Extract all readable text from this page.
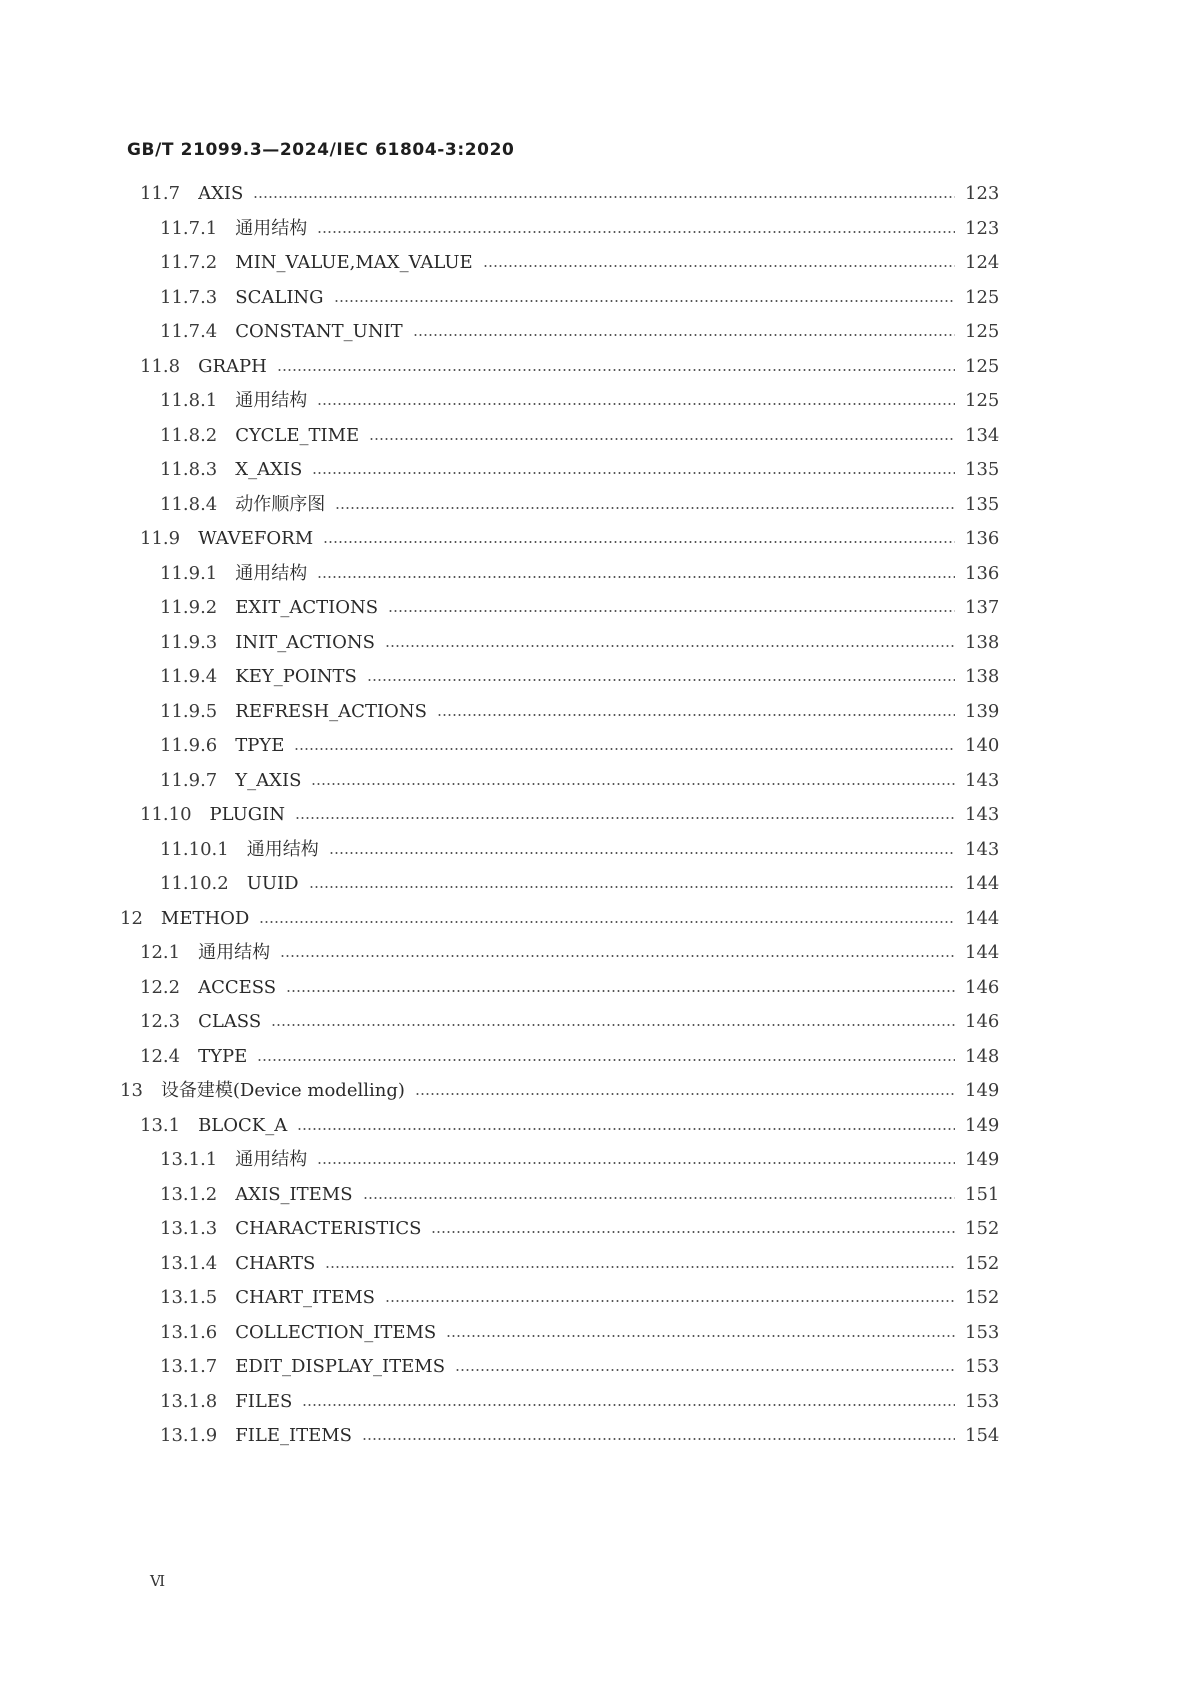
GB/T 21099.3—2024/IEC 61804-3:2020
11.7 AXIS	123
11.7.1 通用结构	123
11.7.2 MIN_VALUE,MAX_VALUE	124
11.7.3 SCALING	125
11.7.4 CONSTANT_UNIT	125
11.8 GRAPH	125
11.8.1 通用结构	125
11.8.2 CYCLE_TIME	134
11.8.3 X_AXIS	135
11.8.4 动作顺序图	135
11.9 WAVEFORM	136
11.9.1 通用结构	136
11.9.2 EXIT_ACTIONS	137
11.9.3 INIT_ACTIONS	138
11.9.4 KEY_POINTS	138
11.9.5 REFRESH_ACTIONS	139
11.9.6 TPYE	140
11.9.7 Y_AXIS	143
11.10 PLUGIN	143
11.10.1 通用结构	143
11.10.2 UUID	144
12 METHOD	144
12.1 通用结构	144
12.2 ACCESS	146
12.3 CLASS	146
12.4 TYPE	148
13 设备建模(Device modelling)	149
13.1 BLOCK_A	149
13.1.1 通用结构	149
13.1.2 AXIS_ITEMS	151
13.1.3 CHARACTERISTICS	152
13.1.4 CHARTS	152
13.1.5 CHART_ITEMS	152
13.1.6 COLLECTION_ITEMS	153
13.1.7 EDIT_DISPLAY_ITEMS	153
13.1.8 FILES	153
13.1.9 FILE_ITEMS	154
Ⅵ
